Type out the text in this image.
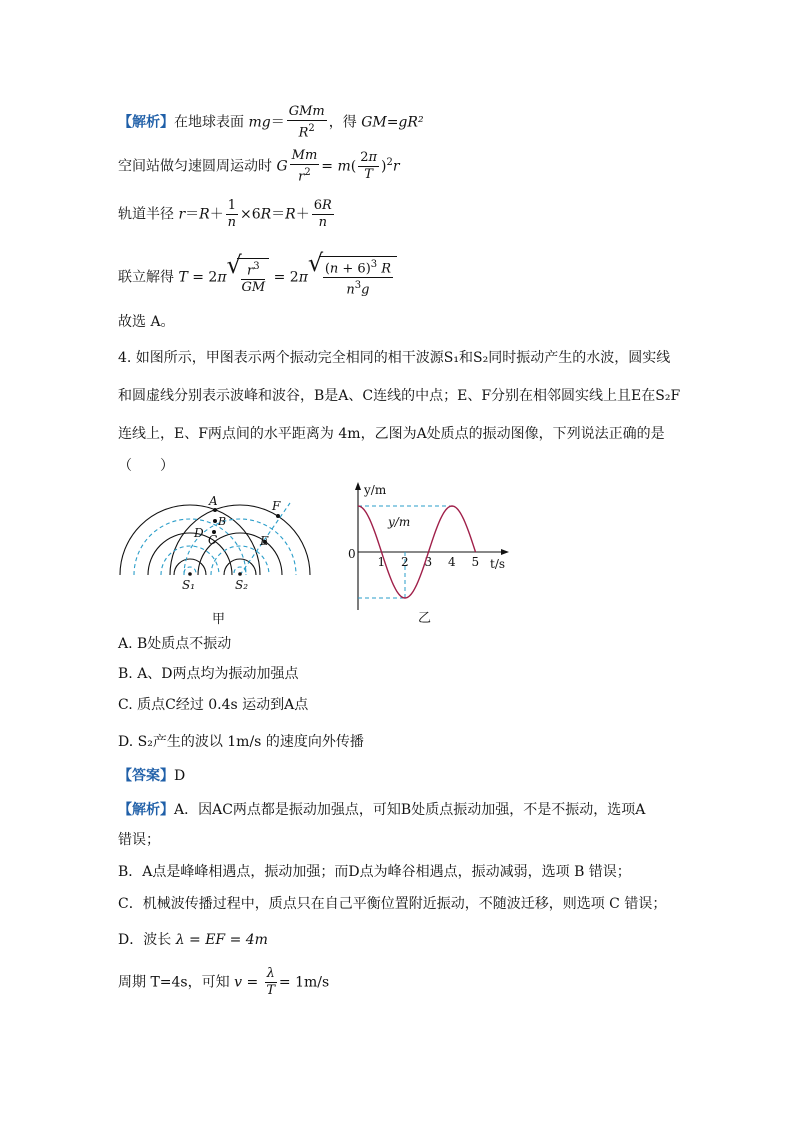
【解析】在地球表面 $mg= \frac{\text{GMm}}{R^2}$ ，得 GM=gR²
空间站做匀速圆周运动时 G $\frac{Mm}{r^2} = m( \frac{2\pi}{T} )^2r$
轨道半径 $r=R+ \frac{1}{n} \times 6R=R+ \frac{6R}{n}$
联立解得 T = 2π √ $\frac{r^3}{GM} = 2\pi$ √ $\frac{(n + 6)^3 R}{n^3g}$
故选 A。
4. 如图所示，甲图表示两个振动完全相同的相干波源S₁和S₂同时振动产生的水波，圆实线
和圆虚线分别表示波峰和波谷，B是A、C连线的中点；E、F分别在相邻圆实线上且E在S₂F
连线上，E、F两点间的水平距离为 4m，乙图为A处质点的振动图像，下列说法正确的是
（　　）
A
B
C
D
E
F
S₁	S₂
甲
y/m
y/m
0
t/s
1 2 3 4 5
乙
A. B处质点不振动
B. A、D两点均为振动加强点
C. 质点C经过 0.4s 运动到A点
D. S₂产生的波以 1m/s 的速度向外传播
【答案】D
【解析】A．因AC两点都是振动加强点，可知B处质点振动加强，不是不振动，选项A
错误；
B．A点是峰峰相遇点，振动加强；而D点为峰谷相遇点，振动减弱，选项 B 错误；
C．机械波传播过程中，质点只在自己平衡位置附近振动，不随波迁移，则选项 C 错误；
D．波长 λ = EF = 4m
周期 T=4s，可知 $v = \frac{\lambda}{T} = 1m/s$
